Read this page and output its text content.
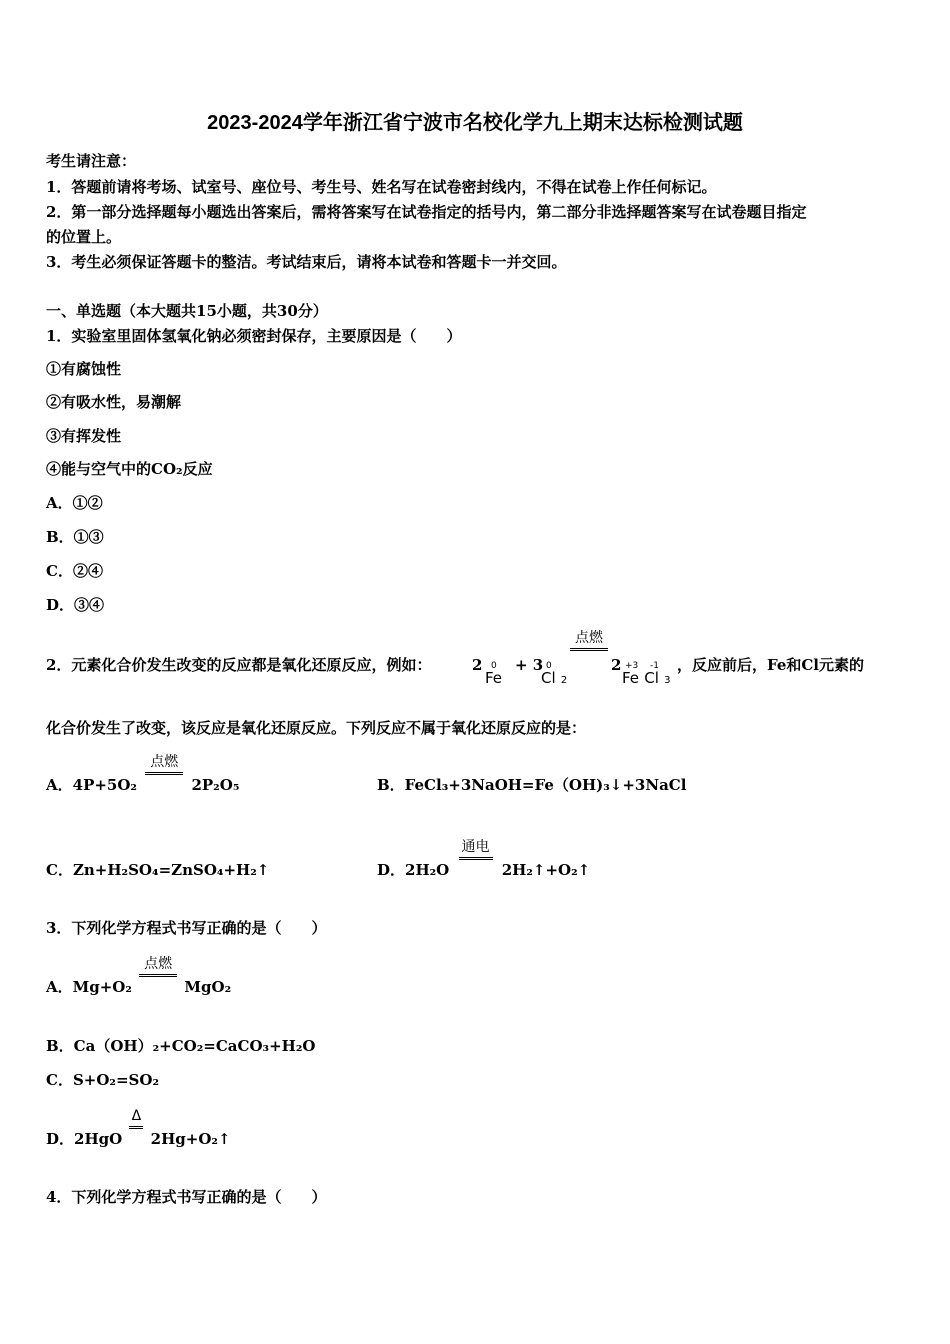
2023-2024学年浙江省宁波市名校化学九上期末达标检测试题
考生请注意：
1．答题前请将考场、试室号、座位号、考生号、姓名写在试卷密封线内，不得在试卷上作任何标记。
2．第一部分选择题每小题选出答案后，需将答案写在试卷指定的括号内，第二部分非选择题答案写在试卷题目指定
的位置上。
3．考生必须保证答题卡的整洁。考试结束后，请将本试卷和答题卡一并交回。
一、单选题（本大题共15小题，共30分）
1．实验室里固体氢氧化钠必须密封保存，主要原因是（　　）
①有腐蚀性
②有吸水性，易潮解
③有挥发性
④能与空气中的CO₂反应
A．①②
B．①③
C．②④
D．③④
2．元素化合价发生改变的反应都是氧化还原反应，例如：	2 0
Fe
+ 3 0
Cl 2
点燃
2 +3
Fe
-1
Cl 3
，反应前后，Fe和Cl元素的
化合价发生了改变，该反应是氧化还原反应。下列反应不属于氧化还原反应的是：
A．4P+5O₂
点燃
2P₂O₅	B．FeCl₃+3NaOH=Fe（OH)₃↓+3NaCl
C．Zn+H₂SO₄=ZnSO₄+H₂↑	D．2H₂O
通电
2H₂↑+O₂↑
3．下列化学方程式书写正确的是（　　）
A．Mg+O₂
点燃
MgO₂
B．Ca（OH）₂+CO₂=CaCO₃+H₂O
C．S+O₂=SO₂
D．2HgO
Δ
2Hg+O₂↑
4．下列化学方程式书写正确的是（　　）
